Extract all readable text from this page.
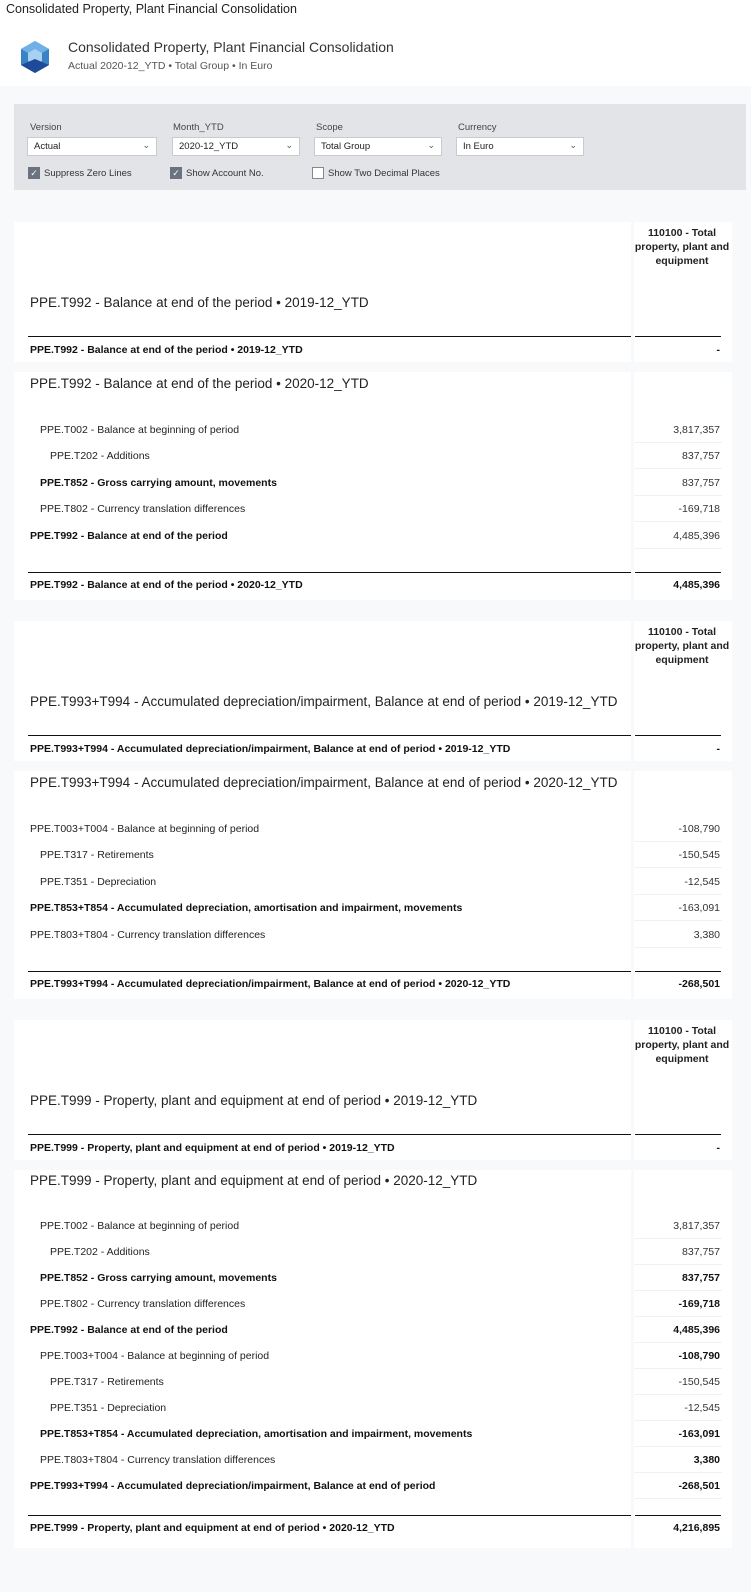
Consolidated Property, Plant Financial Consolidation
Consolidated Property, Plant Financial Consolidation
Actual 2020-12_YTD • Total Group • In Euro
Version
Actual	⌄
Month_YTD
2020-12_YTD	⌄
Scope
Total Group	⌄
Currency
In Euro	⌄
✓ Suppress Zero Lines	✓ Show Account No.	Show Two Decimal Places
110100 - Total property, plant and equipment
PPE.T992 - Balance at end of the period • 2019-12_YTD
PPE.T992 - Balance at end of the period • 2019-12_YTD	-
PPE.T992 - Balance at end of the period • 2020-12_YTD
PPE.T002 - Balance at beginning of period	3,817,357
PPE.T202 - Additions	837,757
PPE.T852 - Gross carrying amount, movements	837,757
PPE.T802 - Currency translation differences	-169,718
PPE.T992 - Balance at end of the period	4,485,396
PPE.T992 - Balance at end of the period • 2020-12_YTD	4,485,396
110100 - Total property, plant and equipment
PPE.T993+T994 - Accumulated depreciation/impairment, Balance at end of period • 2019-12_YTD
PPE.T993+T994 - Accumulated depreciation/impairment, Balance at end of period • 2019-12_YTD	-
PPE.T993+T994 - Accumulated depreciation/impairment, Balance at end of period • 2020-12_YTD
PPE.T003+T004 - Balance at beginning of period	-108,790
PPE.T317 - Retirements	-150,545
PPE.T351 - Depreciation	-12,545
PPE.T853+T854 - Accumulated depreciation, amortisation and impairment, movements	-163,091
PPE.T803+T804 - Currency translation differences	3,380
PPE.T993+T994 - Accumulated depreciation/impairment, Balance at end of period • 2020-12_YTD	-268,501
110100 - Total property, plant and equipment
PPE.T999 - Property, plant and equipment at end of period • 2019-12_YTD
PPE.T999 - Property, plant and equipment at end of period • 2019-12_YTD	-
PPE.T999 - Property, plant and equipment at end of period • 2020-12_YTD
PPE.T002 - Balance at beginning of period	3,817,357
PPE.T202 - Additions	837,757
PPE.T852 - Gross carrying amount, movements	837,757
PPE.T802 - Currency translation differences	-169,718
PPE.T992 - Balance at end of the period	4,485,396
PPE.T003+T004 - Balance at beginning of period	-108,790
PPE.T317 - Retirements	-150,545
PPE.T351 - Depreciation	-12,545
PPE.T853+T854 - Accumulated depreciation, amortisation and impairment, movements	-163,091
PPE.T803+T804 - Currency translation differences	3,380
PPE.T993+T994 - Accumulated depreciation/impairment, Balance at end of period	-268,501
PPE.T999 - Property, plant and equipment at end of period • 2020-12_YTD	4,216,895
